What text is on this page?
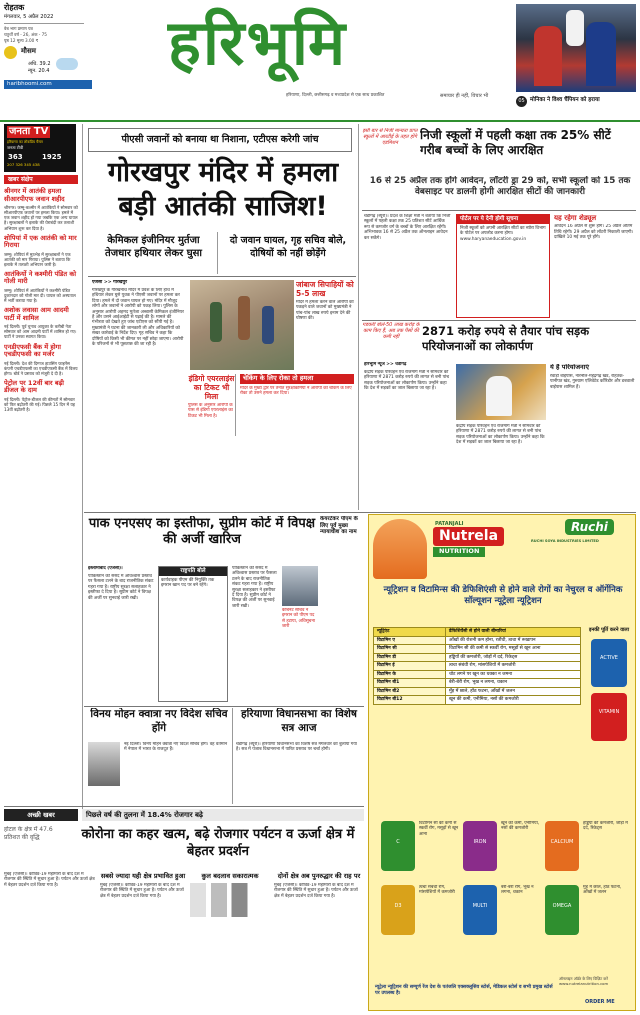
रोहतक
मंगलवार, 5 अप्रैल 2022
वेब भाग प्रमाण पत्र
चतुर्थी वर्ष - 26, अंक - 75
पृष्ठ 12 मूल्य 3.00 ₹
मौसम
अधि. 39.2
न्यून. 20.4
haribhoomi.com
हरिभूमि
हरियाणा, दिल्ली, छत्तीसगढ़ व मध्यप्रदेश से एक साथ प्रकाशित	समाचार ही नहीं, विचार भी
05 मोनिका ने विश्व चैंपियन को हराया
जनता TV
हरियाणा का लोकप्रिय चैनल
जनता टीवी
363	1925
207 326 345 438
खबर संक्षेप
श्रीनगर में आतंकी हमला सीआरपीएफ जवान शहीद
श्रीनगर। जम्मू-कश्मीर में आतंकियों ने सोमवार को सीआरपीएफ जवानों पर हमला किया। हमले में एक जवान शहीद हो गया जबकि एक अन्य घायल है। सुरक्षाबलों ने इलाके की घेराबंदी कर तलाशी अभियान शुरू कर दिया है।
शोपियां में एक आतंकी को मार गिराया
जम्मू। शोपियां में मुठभेड़ में सुरक्षाबलों ने एक आतंकी को मार गिराया। पुलिस ने बताया कि इलाके में तलाशी अभियान जारी है।
आतंकियों ने कश्मीरी पंडित को गोली मारी
जम्मू। शोपियां में आतंकियों ने कश्मीरी पंडित दुकानदार को गोली मार दी। घायल को अस्पताल में भर्ती कराया गया है।
अशोक लवासा आम आदमी पार्टी में शामिल
नई दिल्ली। पूर्व चुनाव आयुक्त के करीबी नेता सोमवार को आम आदमी पार्टी में शामिल हो गए। पार्टी ने उनका स्वागत किया।
एनडीएफसी बैंक में होगा एचडीएफसी का मर्जर
नई दिल्ली। देश की दिग्गज हाउसिंग फाइनेंस कंपनी एचडीएफसी का एचडीएफसी बैंक में विलय होगा। बोर्ड ने प्रस्ताव को मंजूरी दे दी है।
पेट्रोल पर 12वीं बार बढ़ी डीजल के दाम
नई दिल्ली। पेट्रोल-डीजल की कीमतों में सोमवार को फिर बढ़ोतरी की गई। पिछले 15 दिन में यह 13वीं बढ़ोतरी है।
पीएसी जवानों को बनाया था निशाना, एटीएस करेगी जांच
गोरखपुर मंदिर में हमला बड़ी आतंकी साजिश!
केमिकल इंजीनियर मुर्तजा तेजधार हथियार लेकर घुसा
दो जवान घायल, गृह सचिव बोले, दोषियों को नहीं छोड़ेंगे
एजेंसी >> गोरखपुर
गोरखपुर के गोरखनाथ मंदिर में प्रवेश के लिए हाथ में हथियार लेकर घुसे युवक ने पीएसी जवानों पर हमला कर दिया। हमले में दो जवान घायल हो गए। मंदिर में मौजूद लोगों और जवानों ने आरोपी को पकड़ लिया। पुलिस के अनुसार आरोपी अहमद मुर्तजा अब्बासी केमिकल इंजीनियर है और उसने आईआईटी से पढ़ाई की है। मामले की गंभीरता को देखते हुए जांच एटीएस को सौंपी गई है। मुख्यमंत्री ने घटना की जानकारी ली और अधिकारियों को सख्त कार्रवाई के निर्देश दिए। गृह सचिव ने कहा कि दोषियों को किसी भी कीमत पर नहीं छोड़ा जाएगा। आरोपी के परिजनों से भी पूछताछ की जा रही है।
जांबाज सिपाहियों को 5-5 लाख
मंदिर में हमला करने वाले आरोपी को पकड़ने वाले जवानों को मुख्यमंत्री ने पांच-पांच लाख रुपये इनाम देने की घोषणा की।
इंडिगो एयरलाइंस का टिकट भी मिला
पुलिस के अनुसार आरोपी के पास से इंडिगो एयरलाइंस का टिकट भी मिला है।
चेकिंग के लिए रोका तो हमला
मंदिर के मुख्य द्वार पर तैनात सुरक्षाकर्मियों ने आरोपी को चेकिंग के लिए रोका तो उसने हमला कर दिया।
इसी बार से निजी मान्यता प्राप्त स्कूलों में आरटीई के तहत होंगे एडमिशन
निजी स्कूलों में पहली कक्षा तक 25% सीटें गरीब बच्चों के लिए आरक्षित
16 से 25 अप्रैल तक होंगे आवेदन, लॉटरी ड्रा 29 को, सभी स्कूलों को 15 तक वेबसाइट पर डालनी होगी आरक्षित सीटों की जानकारी
चंडीगढ़ (ब्यूरो)। प्रदेश के शिक्षा मंत्री ने बताया कि निजी स्कूलों में पहली कक्षा तक 25 प्रतिशत सीटें आर्थिक रूप से कमजोर वर्ग के बच्चों के लिए आरक्षित रहेंगी। अभिभावक 16 से 25 अप्रैल तक ऑनलाइन आवेदन कर सकेंगे।
पोर्टल पर ये देनी होगी सूचना
निजी स्कूलों को अपनी आरक्षित सीटों का ब्योरा विभाग के पोर्टल पर अपलोड करना होगा। www.haryanaeducation.gov.in
यह रहेगा शेड्यूल
आवेदन 16 अप्रैल से शुरू होंगे। 25 अप्रैल अंतिम तिथि रहेगी। 29 अप्रैल को लॉटरी निकाली जाएगी। दाखिले 10 मई तक पूरे होंगे।
गडकरी बोले-50 लाख करोड़ के काम किए हैं, अब तक पैसों की कमी नहीं	2871 करोड़ रुपये से तैयार पांच सड़क परियोजनाओं का लोकार्पण
हरिभूमि न्यूज >> चंडीगढ़
केंद्रीय सड़क परिवहन एवं राजमार्ग मंत्री ने सोमवार को हरियाणा में 2871 करोड़ रुपये की लागत से बनी पांच सड़क परियोजनाओं का लोकार्पण किया। उन्होंने कहा कि देश में सड़कों का जाल बिछाया जा रहा है।
ये हैं परियोजनाएं
रेवाड़ी बाईपास, नारनौल-महेंद्रगढ़ खंड, रोहतक-पानीपत खंड, गुरुग्राम एलिवेटेड कॉरिडोर और डबवाली बाईपास शामिल हैं।
केंद्रीय सड़क परिवहन एवं राजमार्ग मंत्री ने सोमवार को हरियाणा में 2871 करोड़ रुपये की लागत से बनी पांच सड़क परियोजनाओं का लोकार्पण किया। उन्होंने कहा कि देश में सड़कों का जाल बिछाया जा रहा है।
पाक एनएसए का इस्तीफा, सुप्रीम कोर्ट में विपक्ष की अर्जी खारिज
इस्लामाबाद (एजेंसी)।
पाकिस्तान की संसद में अविश्वास प्रस्ताव पर फैसला टलने के बाद राजनीतिक संकट गहरा गया है। राष्ट्रीय सुरक्षा सलाहकार ने इस्तीफा दे दिया है। सुप्रीम कोर्ट ने विपक्ष की अर्जी पर सुनवाई जारी रखी।
राष्ट्रपति बोले
कार्यवाहक पीएम की नियुक्ति तक इमरान खान पद पर बने रहेंगे।
पाकिस्तान की संसद में अविश्वास प्रस्ताव पर फैसला टलने के बाद राजनीतिक संकट गहरा गया है। राष्ट्रीय सुरक्षा सलाहकार ने इस्तीफा दे दिया है। सुप्रीम कोर्ट ने विपक्ष की अर्जी पर सुनवाई जारी रखी।
कैबिनेट सचिव ने इमरान को पीएम पद से हटाया, अधिसूचना जारी
केयरटेकर पीएम के लिए पूर्व मुख्य न्यायाधीश का नाम
विनय मोहन क्वात्रा नए विदेश सचिव होंगे
नई दिल्ली। विनय मोहन क्वात्रा नए विदेश सचिव होंगे। वह वर्तमान में नेपाल में भारत के राजदूत हैं।
हरियाणा विधानसभा का विशेष सत्र आज
चंडीगढ़ (ब्यूरो)। हरियाणा विधानसभा का विशेष सत्र मंगलवार को बुलाया गया है। सत्र में पंजाब विधानसभा में पारित प्रस्ताव पर चर्चा होगी।
अच्छी खबर	पिछले वर्ष की तुलना में 18.4% रोजगार बढ़े
होटल के क्षेत्र में 47.6 प्रतिशत की वृद्धि	कोरोना का कहर खत्म, बढ़े रोजगार पर्यटन व ऊर्जा क्षेत्र में बेहतर प्रदर्शन
मुंबई (एजेंसी)। कोविड-19 महामारी के बाद देश में रोजगार की स्थिति में सुधार हुआ है। पर्यटन और ऊर्जा क्षेत्र में बेहतर प्रदर्शन दर्ज किया गया है।
सबसे ज्यादा यही क्षेत्र प्रभावित हुआ
मुंबई (एजेंसी)। कोविड-19 महामारी के बाद देश में रोजगार की स्थिति में सुधार हुआ है। पर्यटन और ऊर्जा क्षेत्र में बेहतर प्रदर्शन दर्ज किया गया है।
कुल बदलाव सकारात्मक	दोनों क्षेत्र अब पुनरुद्धार की राह पर
मुंबई (एजेंसी)। कोविड-19 महामारी के बाद देश में रोजगार की स्थिति में सुधार हुआ है। पर्यटन और ऊर्जा क्षेत्र में बेहतर प्रदर्शन दर्ज किया गया है।
PATANJALI
Nutrela
NUTRITION
Ruchi
RUCHI SOYA INDUSTRIES LIMITED
न्यूट्रिशन व विटामिन्स की डेफिशिएंसी से होने वाले रोगों का नेचुरल व ऑर्गेनिक सॉल्यूशन न्यूट्रेला न्यूट्रिशन
न्यूट्रिएंट	डेफिशियेंसी से होने वाली बीमारियां
विटामिन ए	आँखों की रोशनी कम होना, रतौंधी, त्वचा में रूखापन
विटामिन सी	विटामिन सी की कमी से स्कर्वी रोग, मसूड़ों से खून आना
विटामिन डी	हड्डियों की कमजोरी, जोड़ों में दर्द, रिकेट्स
विटामिन ई	त्वचा संबंधी रोग, मांसपेशियों में कमजोरी
विटामिन के	चोट लगने पर खून का थक्का न जमना
विटामिन बी1	बेरी-बेरी रोग, भूख न लगना, थकान
विटामिन बी2	मुँह में छाले, होंठ फटना, आँखों में जलन
विटामिन बी12	खून की कमी, एनीमिया, नसों की कमजोरी
इनकी पूर्ति करने वाला
ACTIVE
VITAMIN
C
विटामिन सी की कमी से स्कर्वी रोग, मसूड़ों से खून आना
IRON
खून की कमी, एनीमिया, नसों की कमजोरी
CALCIUM
हड्डियों की कमजोरी, जोड़ों में दर्द, रिकेट्स
D3
त्वचा संबंधी रोग, मांसपेशियों में कमजोरी
MULTI
बेरी-बेरी रोग, भूख न लगना, थकान
OMEGA
मुँह में छाले, होंठ फटना, आँखों में जलन
न्यूट्रेला न्यूट्रिशन की सम्पूर्ण रेंज देश के पतंजलि एक्सक्लूसिव स्टोर्स, मेडिकल स्टोर्स व सभी प्रमुख स्टोर्स पर उपलब्ध है।
ऑनलाइन ऑर्डर के लिए विज़िट करें www.nutrelanutrition.com
ORDER ME
